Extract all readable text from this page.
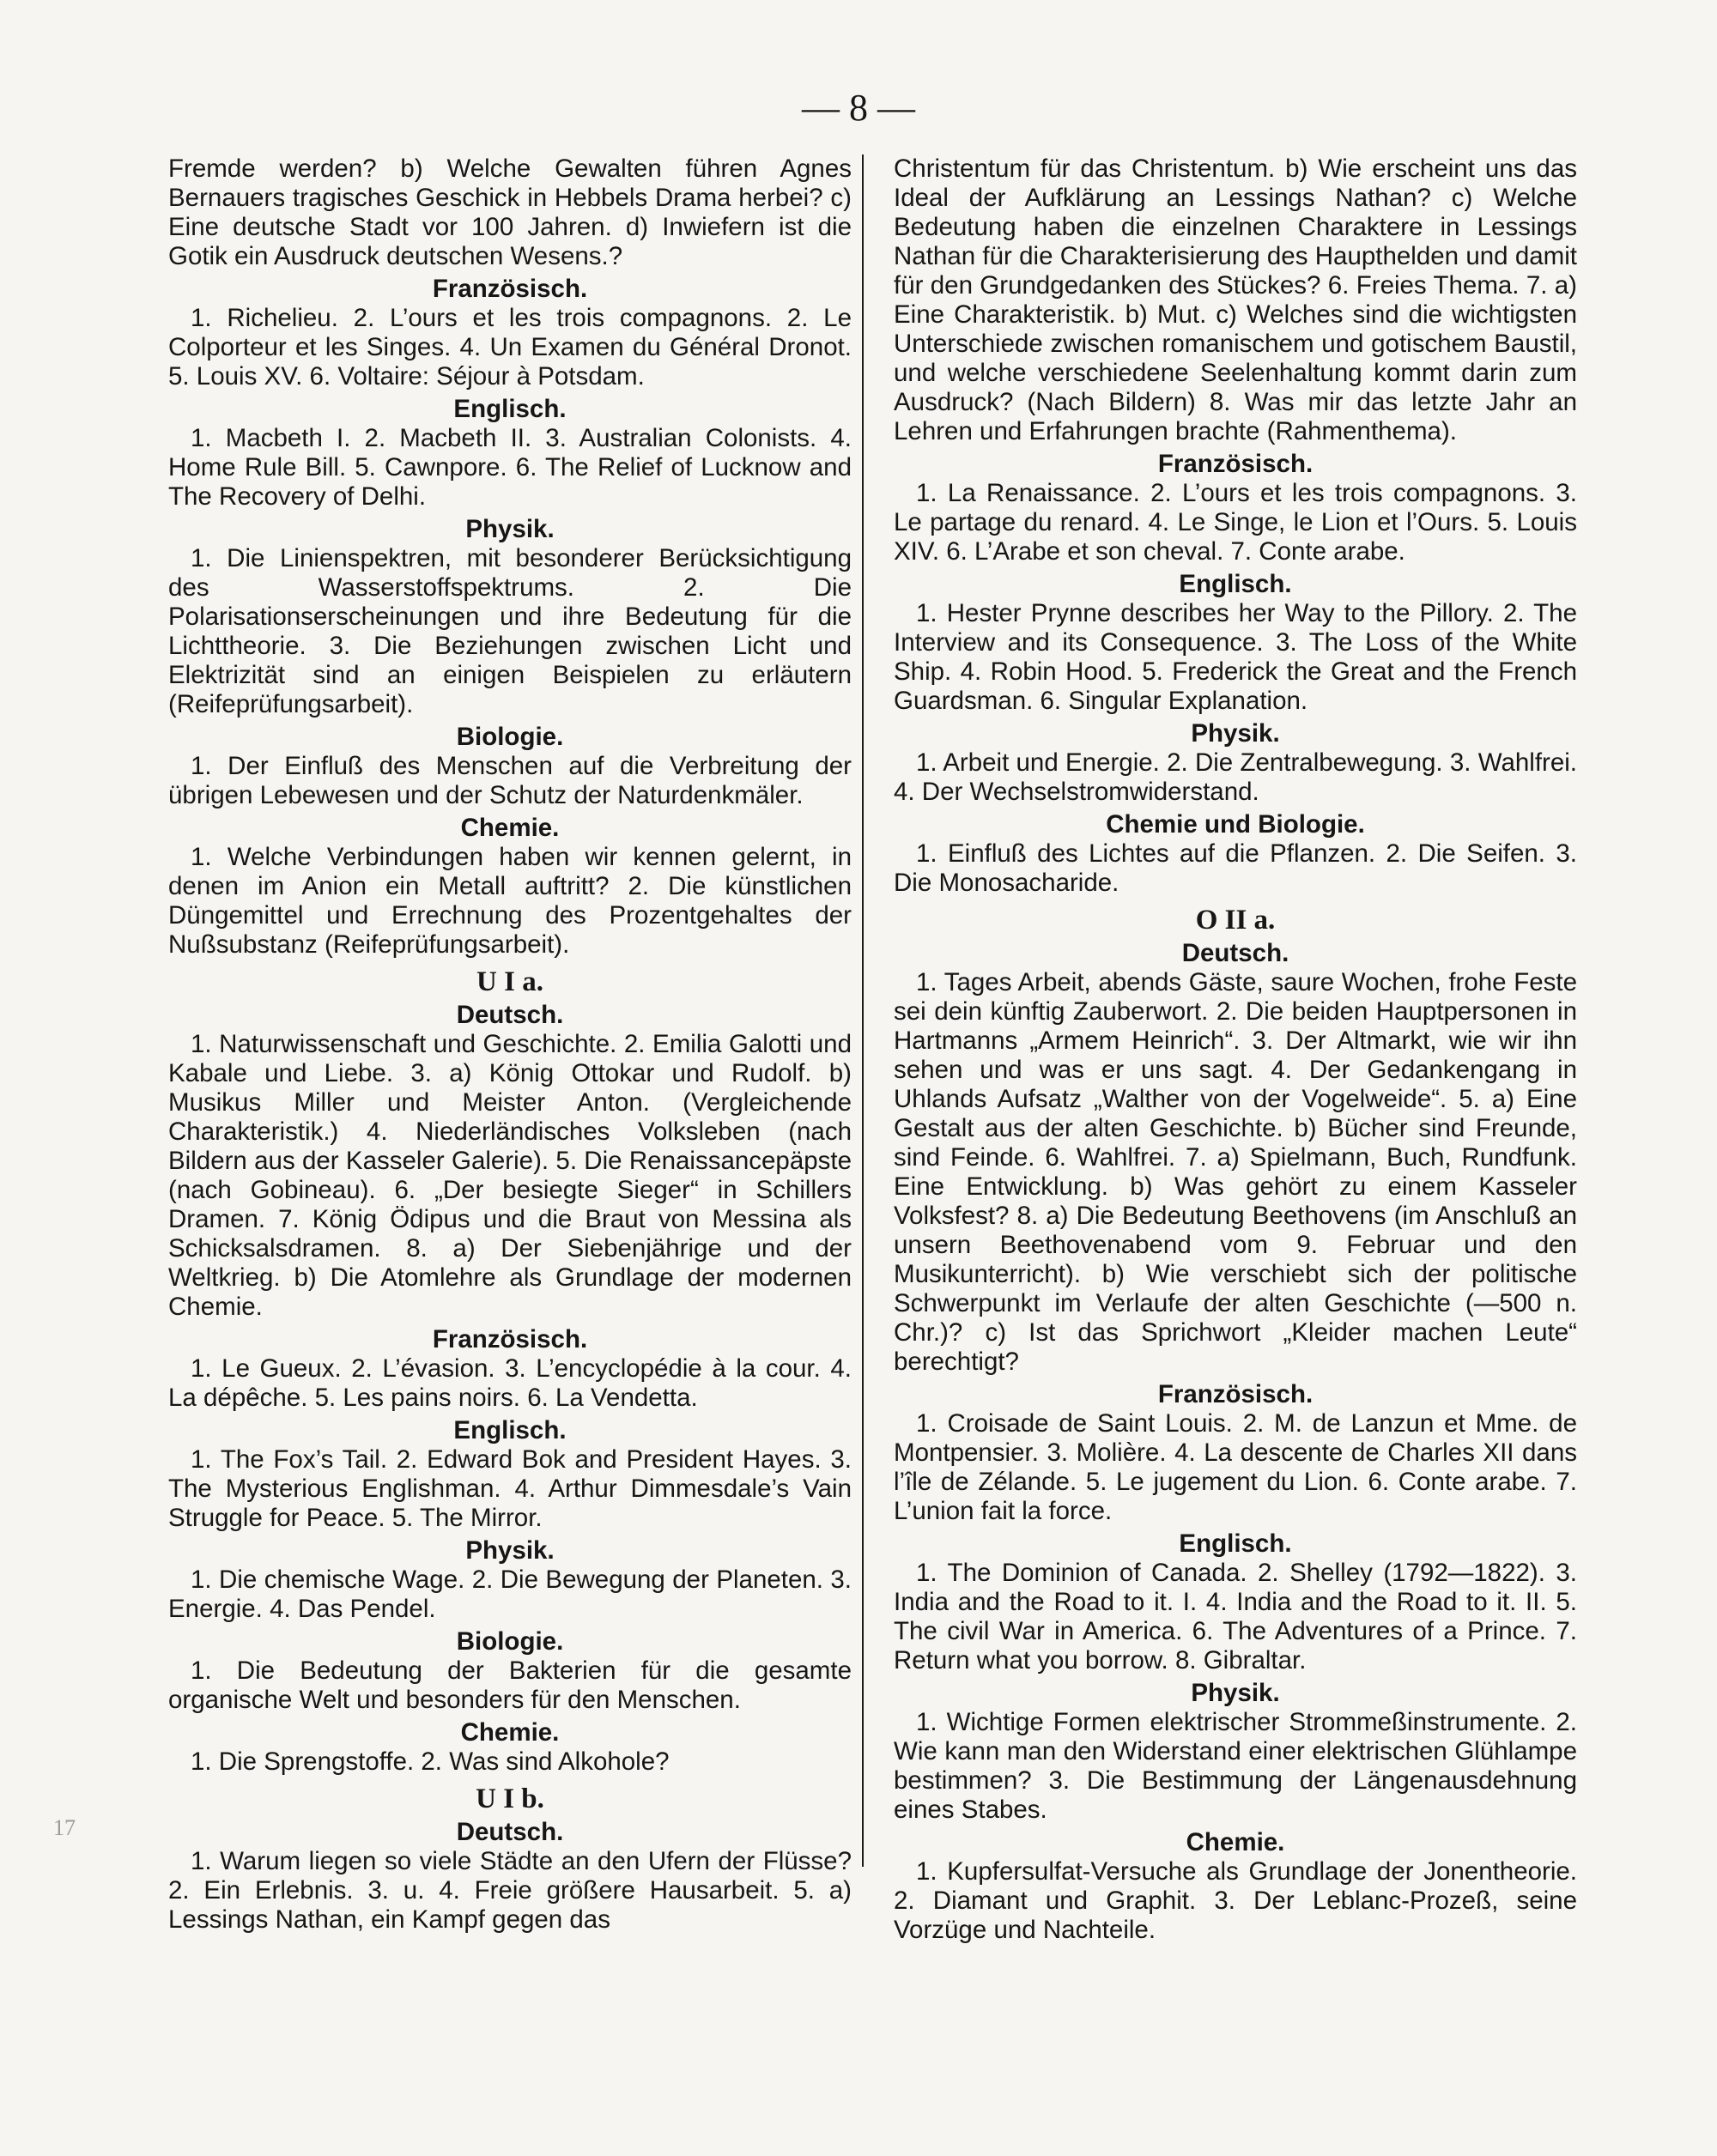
— 8 —
17

Fremde werden? b) Welche Gewalten führen Agnes Bernauers tragisches Geschick in Hebbels Drama herbei? c) Eine deutsche Stadt vor 100 Jahren. d) Inwiefern ist die Gotik ein Ausdruck deutschen Wesens.?

Französisch.

1. Richelieu. 2. L’ours et les trois compagnons. 2. Le Colporteur et les Singes. 4. Un Examen du Général Dronot. 5. Louis XV. 6. Voltaire: Séjour à Potsdam.

Englisch.

1. Macbeth I. 2. Macbeth II. 3. Australian Colonists. 4. Home Rule Bill. 5. Cawnpore. 6. The Relief of Lucknow and The Recovery of Delhi.

Physik.

1. Die Linienspektren, mit besonderer Berücksichtigung des Wasserstoffspektrums. 2. Die Polarisationserscheinungen und ihre Bedeutung für die Lichttheorie. 3. Die Beziehungen zwischen Licht und Elektrizität sind an einigen Beispielen zu erläutern (Reifeprüfungsarbeit).

Biologie.

1. Der Einfluß des Menschen auf die Verbreitung der übrigen Lebewesen und der Schutz der Naturdenkmäler.

Chemie.

1. Welche Verbindungen haben wir kennen gelernt, in denen im Anion ein Metall auftritt? 2. Die künstlichen Düngemittel und Errechnung des Prozentgehaltes der Nußsubstanz (Reifeprüfungsarbeit).

U I a.
Deutsch.

1. Naturwissenschaft und Geschichte. 2. Emilia Galotti und Kabale und Liebe. 3. a) König Ottokar und Rudolf. b) Musikus Miller und Meister Anton. (Vergleichende Charakteristik.) 4. Niederländisches Volksleben (nach Bildern aus der Kasseler Galerie). 5. Die Renaissancepäpste (nach Gobineau). 6. „Der besiegte Sieger“ in Schillers Dramen. 7. König Ödipus und die Braut von Messina als Schicksalsdramen. 8. a) Der Siebenjährige und der Weltkrieg. b) Die Atomlehre als Grundlage der modernen Chemie.

Französisch.

1. Le Gueux. 2. L’évasion. 3. L’encyclopédie à la cour. 4. La dépêche. 5. Les pains noirs. 6. La Vendetta.

Englisch.

1. The Fox’s Tail. 2. Edward Bok and President Hayes. 3. The Mysterious Englishman. 4. Arthur Dimmesdale’s Vain Struggle for Peace. 5. The Mirror.

Physik.

1. Die chemische Wage. 2. Die Bewegung der Planeten. 3. Energie. 4. Das Pendel.

Biologie.

1. Die Bedeutung der Bakterien für die gesamte organische Welt und besonders für den Menschen.

Chemie.

1. Die Sprengstoffe. 2. Was sind Alkohole?

U I b.
Deutsch.

1. Warum liegen so viele Städte an den Ufern der Flüsse? 2. Ein Erlebnis. 3. u. 4. Freie größere Hausarbeit. 5. a) Lessings Nathan, ein Kampf gegen das

Christentum für das Christentum. b) Wie erscheint uns das Ideal der Aufklärung an Lessings Nathan? c) Welche Bedeutung haben die einzelnen Charaktere in Lessings Nathan für die Charakterisierung des Haupthelden und damit für den Grundgedanken des Stückes? 6. Freies Thema. 7. a) Eine Charakteristik. b) Mut. c) Welches sind die wichtigsten Unterschiede zwischen romanischem und gotischem Baustil, und welche verschiedene Seelenhaltung kommt darin zum Ausdruck? (Nach Bildern) 8. Was mir das letzte Jahr an Lehren und Erfahrungen brachte (Rahmenthema).

Französisch.

1. La Renaissance. 2. L’ours et les trois compagnons. 3. Le partage du renard. 4. Le Singe, le Lion et l’Ours. 5. Louis XIV. 6. L’Arabe et son cheval. 7. Conte arabe.

Englisch.

1. Hester Prynne describes her Way to the Pillory. 2. The Interview and its Consequence. 3. The Loss of the White Ship. 4. Robin Hood. 5. Frederick the Great and the French Guardsman. 6. Singular Explanation.

Physik.

1. Arbeit und Energie. 2. Die Zentralbewegung. 3. Wahlfrei. 4. Der Wechselstromwiderstand.

Chemie und Biologie.

1. Einfluß des Lichtes auf die Pflanzen. 2. Die Seifen. 3. Die Monosacharide.

O II a.
Deutsch.

1. Tages Arbeit, abends Gäste, saure Wochen, frohe Feste sei dein künftig Zauberwort. 2. Die beiden Hauptpersonen in Hartmanns „Armem Heinrich“. 3. Der Altmarkt, wie wir ihn sehen und was er uns sagt. 4. Der Gedankengang in Uhlands Aufsatz „Walther von der Vogelweide“. 5. a) Eine Gestalt aus der alten Geschichte. b) Bücher sind Freunde, sind Feinde. 6. Wahlfrei. 7. a) Spielmann, Buch, Rundfunk. Eine Entwicklung. b) Was gehört zu einem Kasseler Volksfest? 8. a) Die Bedeutung Beethovens (im Anschluß an unsern Beethovenabend vom 9. Februar und den Musikunterricht). b) Wie verschiebt sich der politische Schwerpunkt im Verlaufe der alten Geschichte (—500 n. Chr.)? c) Ist das Sprichwort „Kleider machen Leute“ berechtigt?

Französisch.

1. Croisade de Saint Louis. 2. M. de Lanzun et Mme. de Montpensier. 3. Molière. 4. La descente de Charles XII dans l’île de Zélande. 5. Le jugement du Lion. 6. Conte arabe. 7. L’union fait la force.

Englisch.

1. The Dominion of Canada. 2. Shelley (1792—1822). 3. India and the Road to it. I. 4. India and the Road to it. II. 5. The civil War in America. 6. The Adventures of a Prince. 7. Return what you borrow. 8. Gibraltar.

Physik.

1. Wichtige Formen elektrischer Strommeßinstrumente. 2. Wie kann man den Widerstand einer elektrischen Glühlampe bestimmen? 3. Die Bestimmung der Längenausdehnung eines Stabes.

Chemie.

1. Kupfersulfat-Versuche als Grundlage der Jonentheorie. 2. Diamant und Graphit. 3. Der Leblanc-Prozeß, seine Vorzüge und Nachteile.
